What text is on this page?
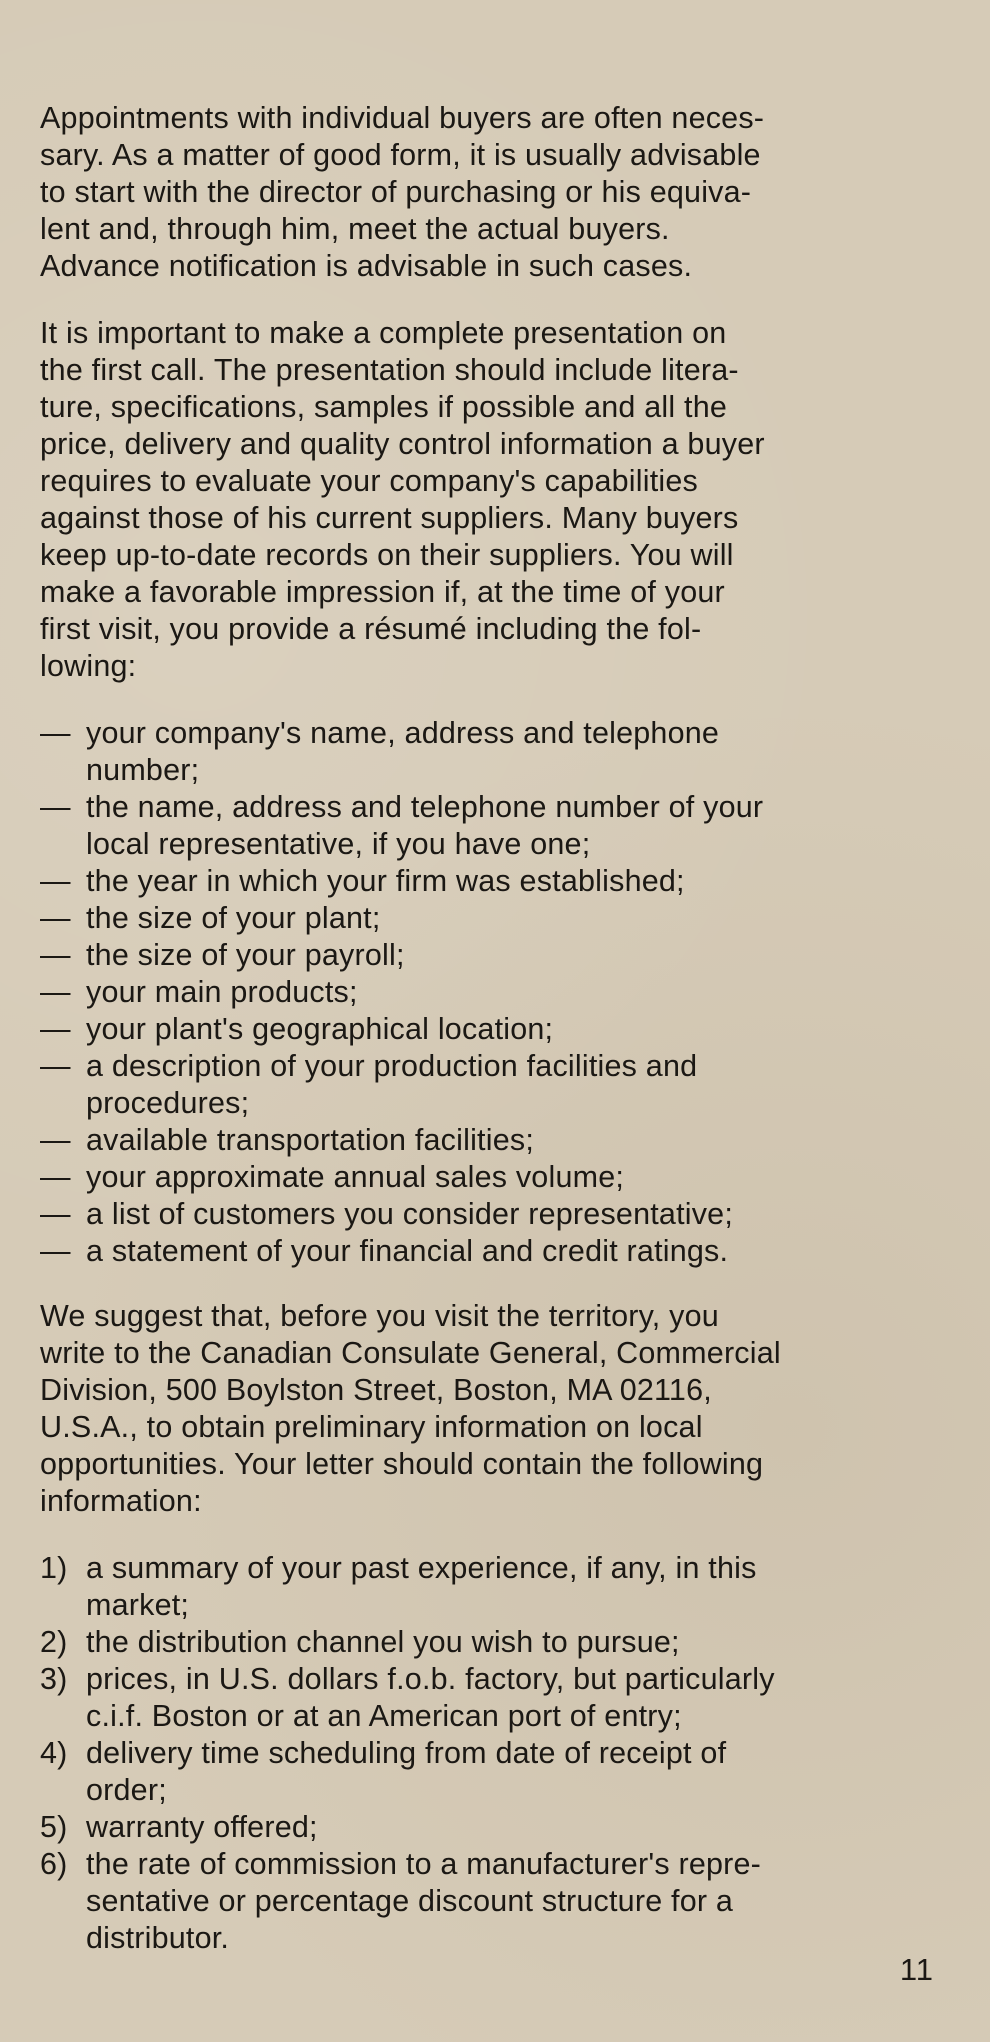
Appointments with individual buyers are often neces-
sary. As a matter of good form, it is usually advisable
to start with the director of purchasing or his equiva-
lent and, through him, meet the actual buyers.
Advance notification is advisable in such cases.
It is important to make a complete presentation on
the first call. The presentation should include litera-
ture, specifications, samples if possible and all the
price, delivery and quality control information a buyer
requires to evaluate your company's capabilities
against those of his current suppliers. Many buyers
keep up-to-date records on their suppliers. You will
make a favorable impression if, at the time of your
first visit, you provide a résumé including the fol-
lowing:
— your company's name, address and telephone
number;
— the name, address and telephone number of your
local representative, if you have one;
— the year in which your firm was established;
— the size of your plant;
— the size of your payroll;
— your main products;
— your plant's geographical location;
— a description of your production facilities and
procedures;
— available transportation facilities;
— your approximate annual sales volume;
— a list of customers you consider representative;
— a statement of your financial and credit ratings.
We suggest that, before you visit the territory, you
write to the Canadian Consulate General, Commercial
Division, 500 Boylston Street, Boston, MA 02116,
U.S.A., to obtain preliminary information on local
opportunities. Your letter should contain the following
information:
1) a summary of your past experience, if any, in this
market;
2) the distribution channel you wish to pursue;
3) prices, in U.S. dollars f.o.b. factory, but particularly
c.i.f. Boston or at an American port of entry;
4) delivery time scheduling from date of receipt of
order;
5) warranty offered;
6) the rate of commission to a manufacturer's repre-
sentative or percentage discount structure for a
distributor.
11
